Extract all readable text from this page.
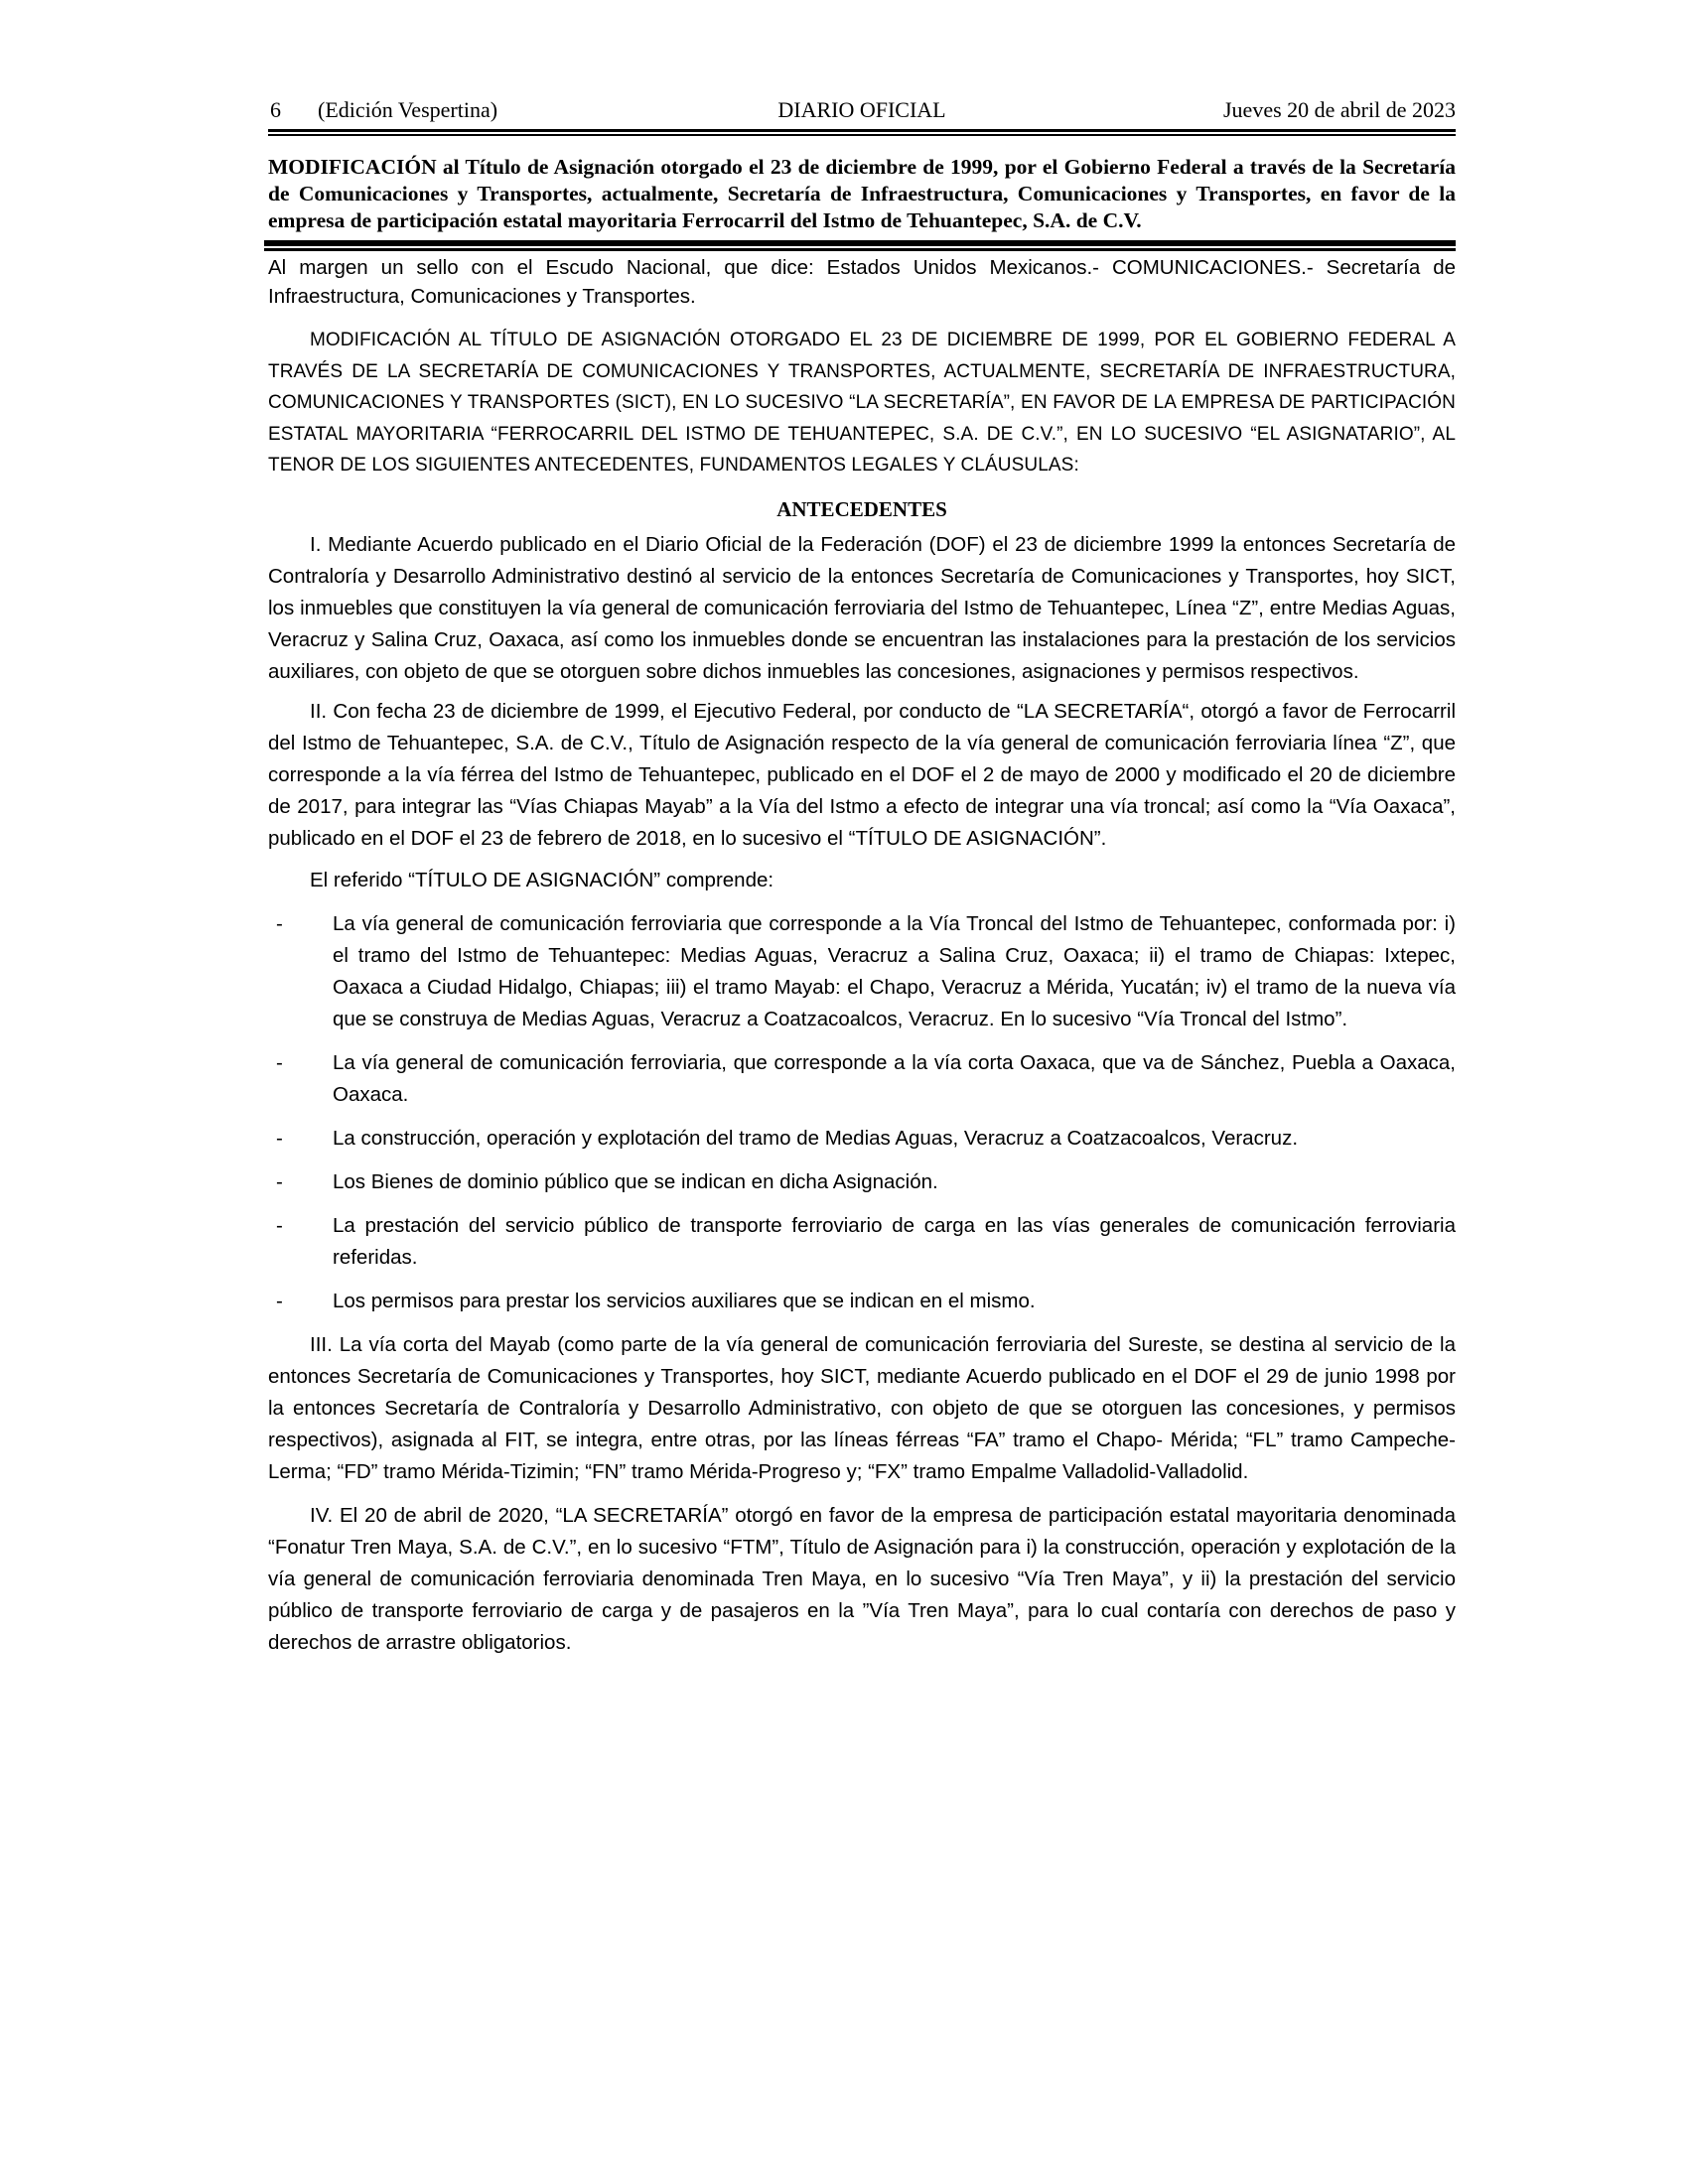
6 (Edición Vespertina)	DIARIO OFICIAL	Jueves 20 de abril de 2023
MODIFICACIÓN al Título de Asignación otorgado el 23 de diciembre de 1999, por el Gobierno Federal a través de la Secretaría de Comunicaciones y Transportes, actualmente, Secretaría de Infraestructura, Comunicaciones y Transportes, en favor de la empresa de participación estatal mayoritaria Ferrocarril del Istmo de Tehuantepec, S.A. de C.V.
Al margen un sello con el Escudo Nacional, que dice: Estados Unidos Mexicanos.- COMUNICACIONES.- Secretaría de Infraestructura, Comunicaciones y Transportes.
MODIFICACIÓN AL TÍTULO DE ASIGNACIÓN OTORGADO EL 23 DE DICIEMBRE DE 1999, POR EL GOBIERNO FEDERAL A TRAVÉS DE LA SECRETARÍA DE COMUNICACIONES Y TRANSPORTES, ACTUALMENTE, SECRETARÍA DE INFRAESTRUCTURA, COMUNICACIONES Y TRANSPORTES (SICT), EN LO SUCESIVO “LA SECRETARÍA”, EN FAVOR DE LA EMPRESA DE PARTICIPACIÓN ESTATAL MAYORITARIA “FERROCARRIL DEL ISTMO DE TEHUANTEPEC, S.A. DE C.V.”, EN LO SUCESIVO “EL ASIGNATARIO”, AL TENOR DE LOS SIGUIENTES ANTECEDENTES, FUNDAMENTOS LEGALES Y CLÁUSULAS:
ANTECEDENTES
I. Mediante Acuerdo publicado en el Diario Oficial de la Federación (DOF) el 23 de diciembre 1999 la entonces Secretaría de Contraloría y Desarrollo Administrativo destinó al servicio de la entonces Secretaría de Comunicaciones y Transportes, hoy SICT, los inmuebles que constituyen la vía general de comunicación ferroviaria del Istmo de Tehuantepec, Línea “Z”, entre Medias Aguas, Veracruz y Salina Cruz, Oaxaca, así como los inmuebles donde se encuentran las instalaciones para la prestación de los servicios auxiliares, con objeto de que se otorguen sobre dichos inmuebles las concesiones, asignaciones y permisos respectivos.
II. Con fecha 23 de diciembre de 1999, el Ejecutivo Federal, por conducto de “LA SECRETARÍA“, otorgó a favor de Ferrocarril del Istmo de Tehuantepec, S.A. de C.V., Título de Asignación respecto de la vía general de comunicación ferroviaria línea “Z”, que corresponde a la vía férrea del Istmo de Tehuantepec, publicado en el DOF el 2 de mayo de 2000 y modificado el 20 de diciembre de 2017, para integrar las “Vías Chiapas Mayab” a la Vía del Istmo a efecto de integrar una vía troncal; así como la “Vía Oaxaca”, publicado en el DOF el 23 de febrero de 2018, en lo sucesivo el “TÍTULO DE ASIGNACIÓN”.
El referido “TÍTULO DE ASIGNACIÓN” comprende:
- La vía general de comunicación ferroviaria que corresponde a la Vía Troncal del Istmo de Tehuantepec, conformada por: i) el tramo del Istmo de Tehuantepec: Medias Aguas, Veracruz a Salina Cruz, Oaxaca; ii) el tramo de Chiapas: Ixtepec, Oaxaca a Ciudad Hidalgo, Chiapas; iii) el tramo Mayab: el Chapo, Veracruz a Mérida, Yucatán; iv) el tramo de la nueva vía que se construya de Medias Aguas, Veracruz a Coatzacoalcos, Veracruz. En lo sucesivo “Vía Troncal del Istmo”.
- La vía general de comunicación ferroviaria, que corresponde a la vía corta Oaxaca, que va de Sánchez, Puebla a Oaxaca, Oaxaca.
- La construcción, operación y explotación del tramo de Medias Aguas, Veracruz a Coatzacoalcos, Veracruz.
- Los Bienes de dominio público que se indican en dicha Asignación.
- La prestación del servicio público de transporte ferroviario de carga en las vías generales de comunicación ferroviaria referidas.
- Los permisos para prestar los servicios auxiliares que se indican en el mismo.
III. La vía corta del Mayab (como parte de la vía general de comunicación ferroviaria del Sureste, se destina al servicio de la entonces Secretaría de Comunicaciones y Transportes, hoy SICT, mediante Acuerdo publicado en el DOF el 29 de junio 1998 por la entonces Secretaría de Contraloría y Desarrollo Administrativo, con objeto de que se otorguen las concesiones, y permisos respectivos), asignada al FIT, se integra, entre otras, por las líneas férreas “FA” tramo el Chapo- Mérida; “FL” tramo Campeche-Lerma; “FD” tramo Mérida-Tizimin; “FN” tramo Mérida-Progreso y; “FX” tramo Empalme Valladolid-Valladolid.
IV. El 20 de abril de 2020, “LA SECRETARÍA” otorgó en favor de la empresa de participación estatal mayoritaria denominada “Fonatur Tren Maya, S.A. de C.V.”, en lo sucesivo “FTM”, Título de Asignación para i) la construcción, operación y explotación de la vía general de comunicación ferroviaria denominada Tren Maya, en lo sucesivo “Vía Tren Maya”, y ii) la prestación del servicio público de transporte ferroviario de carga y de pasajeros en la ”Vía Tren Maya”, para lo cual contaría con derechos de paso y derechos de arrastre obligatorios.
